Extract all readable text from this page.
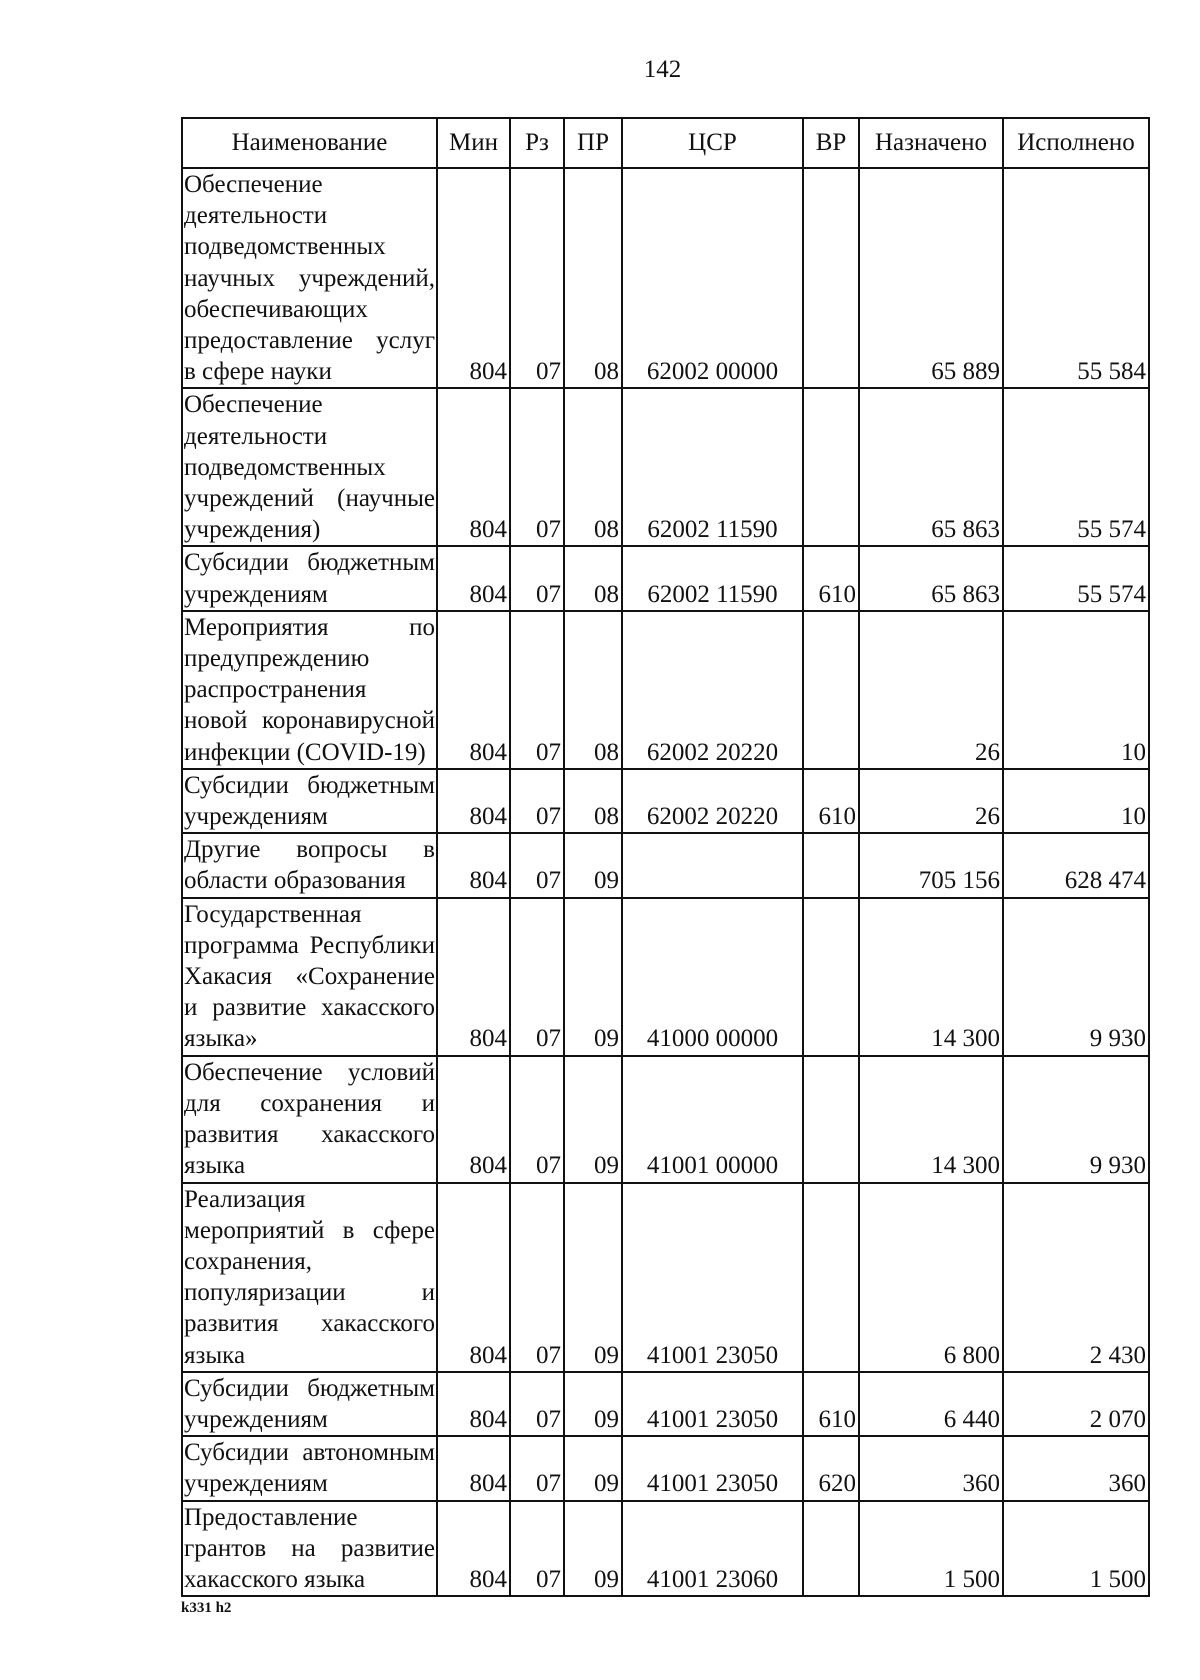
142
Наименование	Мин	Рз	ПР	ЦСР	ВР	Назначено	Исполнено
Обеспечение деятельности подведомственных научных учреждений, обеспечивающих предоставление услуг в сфере науки	804	07	08	62002 00000		65 889	55 584
Обеспечение деятельности подведомственных учреждений (научные учреждения)	804	07	08	62002 11590		65 863	55 574
Субсидии бюджетным учреждениям	804	07	08	62002 11590	610	65 863	55 574
Мероприятия по предупреждению распространения новой коронавирусной инфекции (COVID-19)	804	07	08	62002 20220		26	10
Субсидии бюджетным учреждениям	804	07	08	62002 20220	610	26	10
Другие вопросы в области образования	804	07	09			705 156	628 474
Государственная программа Республики Хакасия «Сохранение и развитие хакасского языка»	804	07	09	41000 00000		14 300	9 930
Обеспечение условий для сохранения и развития хакасского языка	804	07	09	41001 00000		14 300	9 930
Реализация мероприятий в сфере сохранения, популяризации и развития хакасского языка	804	07	09	41001 23050		6 800	2 430
Субсидии бюджетным учреждениям	804	07	09	41001 23050	610	6 440	2 070
Субсидии автономным учреждениям	804	07	09	41001 23050	620	360	360
Предоставление грантов на развитие хакасского языка	804	07	09	41001 23060		1 500	1 500
k331 h2
